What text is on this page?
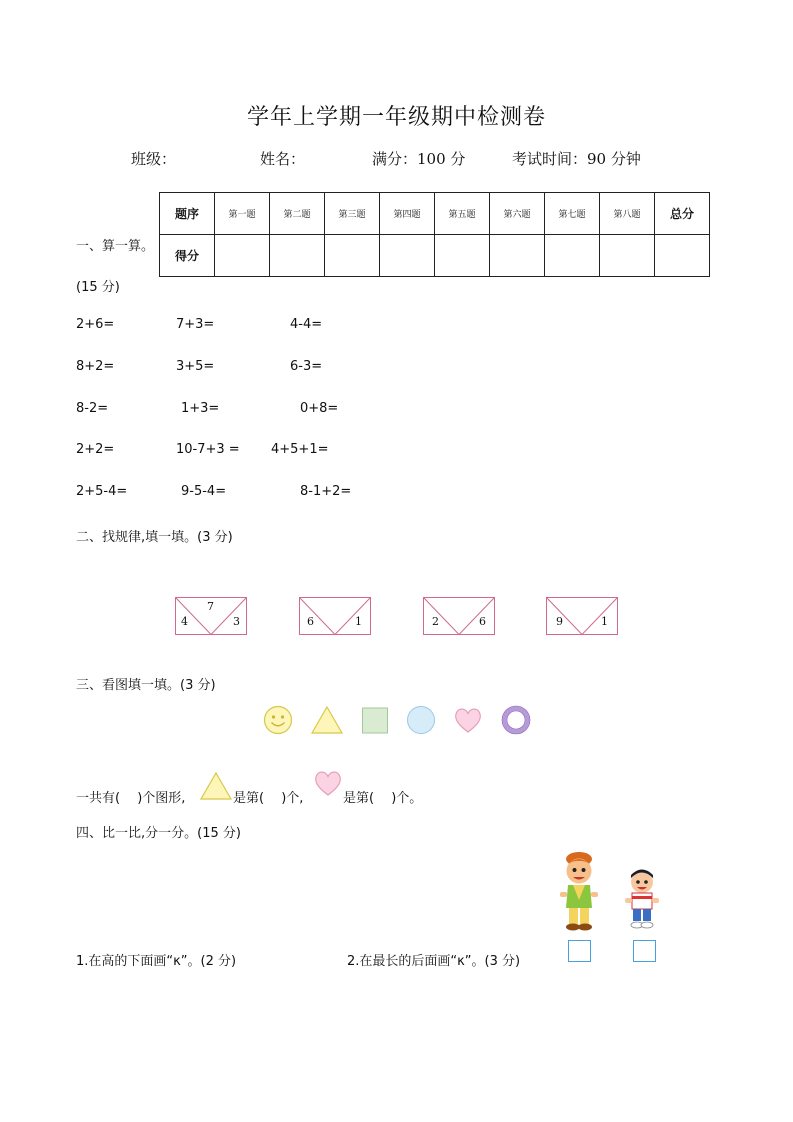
学年上学期一年级期中检测卷
班级：	姓名：	满分：100 分	考试时间：90 分钟
题序	第一题	第二题	第三题	第四题	第五题	第六题	第七题	第八题	总分
得分									
一、算一算。
(15 分)
2+6=	7+3=	4-4=
8+2=	3+5=	6-3=
8-2=	1+3=	0+8=
2+2=	10-7+3 = 4+5+1=
2+5-4=	9-5-4=	8-1+2=
二、找规律,填一填。(3 分)
7
4	3	6	1	2	6	9	1
三、看图填一填。(3 分)
一共有(　 )个图形,	是第(　 )个,	是第(　 )个。
四、比一比,分一分。(15 分)
1.在高的下面画“κ”。(2 分)	2.在最长的后面画“κ”。(3 分)
